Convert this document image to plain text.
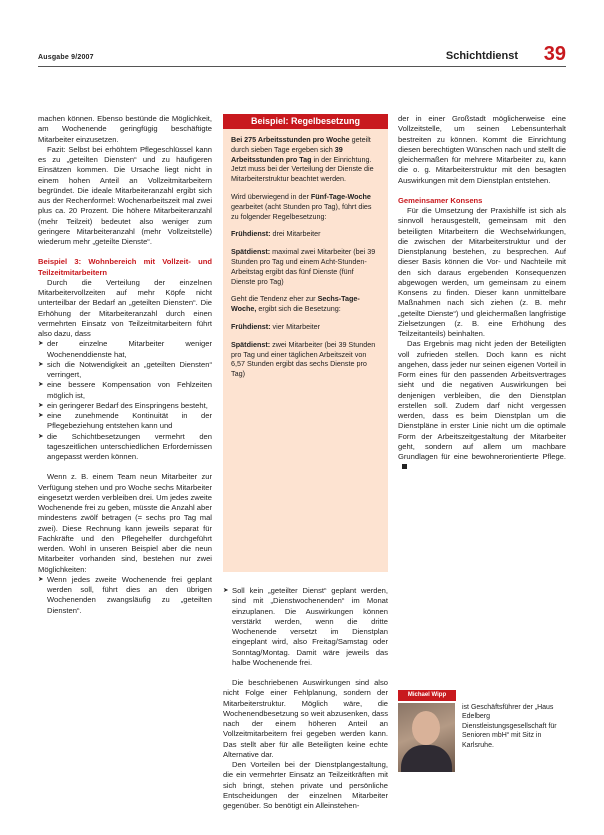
Ausgabe 9/2007	Schichtdienst 39

machen können. Ebenso bestünde die Möglichkeit, am Wochenende geringfügig beschäftigte Mitarbeiter einzusetzen.

Fazit: Selbst bei erhöhtem Pflegeschlüssel kann es zu „geteilten Diensten“ und zu häufigeren Einsätzen kommen. Die Ursache liegt nicht in einem hohen Anteil an Vollzeitmitarbeitern begründet. Die ideale Mitarbeiteranzahl ergibt sich aus der Rechenformel: Wochenarbeitszeit mal zwei plus ca. 20 Prozent. Die höhere Mitarbeiteranzahl (mehr Teilzeit) bedeutet also weniger zum geringere Mitarbeiteranzahl (mehr Vollzeitstelle) wiederum mehr „geteilte Dienste“.

Beispiel 3: Wohnbereich mit Vollzeit- und Teilzeitmitarbeitern

Durch die Verteilung der einzelnen Mitarbeitervollzeiten auf mehr Köpfe nicht unterteilbar der Bedarf an „geteilten Diensten“. Die Erhöhung der Mitarbeiteranzahl durch einen vermehrten Einsatz von Teilzeitmitarbeitern führt also dazu, dass

➤ der einzelne Mitarbeiter weniger Wochenenddienste hat,
➤ sich die Notwendigkeit an „geteilten Diensten“ verringert,
➤ eine bessere Kompensation von Fehlzeiten möglich ist,
➤ ein geringerer Bedarf des Einspringens besteht,
➤ eine zunehmende Kontinuität in der Pflegebeziehung entstehen kann und
➤ die Schichtbesetzungen vermehrt den tageszeitlichen unterschiedlichen Erfordernissen angepasst werden können.

Wenn z. B. einem Team neun Mitarbeiter zur Verfügung stehen und pro Woche sechs Mitarbeiter eingesetzt werden verbleiben drei. Um jedes zweite Wochenende frei zu geben, müsste die Anzahl aber mindestens zwölf betragen (= sechs pro Tag mal zwei). Diese Rechnung kann jeweils separat für Fachkräfte und den Pflegehelfer durchgeführt werden. Wohl in unseren Beispiel aber die neun Mitarbeiter vorhanden sind, bestehen nur zwei Möglichkeiten:

➤ Wenn jedes zweite Wochenende frei geplant werden soll, führt dies an den übrigen Wochenenden zwangsläufig zu „geteilten Diensten“.
Beispiel: Regelbesetzung

Bei 275 Arbeitsstunden pro Woche geteilt durch sieben Tage ergeben sich 39 Arbeitsstunden pro Tag in der Einrichtung. Jetzt muss bei der Verteilung der Dienste die Mitarbeiterstruktur beachtet werden.

Wird überwiegend in der Fünf-Tage-Woche gearbeitet (acht Stunden pro Tag), führt dies zu folgender Regelbesetzung:

Frühdienst: drei Mitarbeiter

Spätdienst: maximal zwei Mitarbeiter (bei 39 Stunden pro Tag und einem Acht-Stunden-Arbeitstag ergibt das fünf Dienste (fünf Dienste pro Tag)

Geht die Tendenz eher zur Sechs-Tage-Woche, ergibt sich die Besetzung:

Frühdienst: vier Mitarbeiter

Spätdienst: zwei Mitarbeiter (bei 39 Stunden pro Tag und einer täglichen Arbeitszeit von 6,57 Stunden ergibt das sechs Dienste pro Tag)

➤ Soll kein „geteilter Dienst“ geplant werden, sind mit „Dienstwochenenden“ im Monat einzuplanen. Die Auswirkungen können verstärkt werden, wenn die dritte Wochenende versetzt im Dienstplan eingeplant wird, also Freitag/Samstag oder Sonntag/Montag. Damit wäre jeweils das halbe Wochenende frei.

Die beschriebenen Auswirkungen sind also nicht Folge einer Fehlplanung, sondern der Mitarbeiterstruktur. Möglich wäre, die Wochenendbesetzung so weit abzusenken, dass nach der einem höheren Anteil an Vollzeitmitarbeitern frei gegeben werden kann. Das stellt aber für alle Beteiligten keine echte Alternative dar.

Den Vorteilen bei der Dienstplangestaltung, die ein vermehrter Einsatz an Teilzeitkräften mit sich bringt, stehen private und persönliche Entscheidungen der einzelnen Mitarbeiter gegenüber. So benötigt ein Alleinstehen-

der in einer Großstadt möglicherweise eine Vollzeitstelle, um seinen Lebensunterhalt bestreiten zu können. Kommt die Einrichtung diesen berechtigten Wünschen nach und stellt die gleichermaßen für mehrere Mitarbeiter zu, kann die o. g. Mitarbeiterstruktur mit den besagten Auswirkungen mit dem Dienstplan entstehen.

Gemeinsamer Konsens

Für die Umsetzung der Praxishilfe ist sich als sinnvoll herausgestellt, gemeinsam mit den beteiligten Mitarbeitern die Wechselwirkungen, die zwischen der Mitarbeiterstruktur und der Dienstplanung bestehen, zu besprechen. Auf dieser Basis können die Vor- und Nachteile mit den sich daraus ergebenden Konsequenzen abgewogen werden, um gemeinsam zu einem Konsens zu finden. Dieser kann unmittelbare Maßnahmen nach sich ziehen (z. B. mehr „geteilte Dienste“) und gleichermaßen langfristige Zielsetzungen (z. B. eine Erhöhung des Teilzeitanteils) beinhalten.

Das Ergebnis mag nicht jeden der Beteiligten voll zufrieden stellen. Doch kann es nicht angehen, dass jeder nur seinen eigenen Vorteil in Form eines für den passenden Arbeitsvertrages sieht und die negativen Auswirkungen bei denjenigen verbleiben, die den Dienstplan erstellen soll. Zudem darf nicht vergessen werden, dass es beim Dienstplan um die Dienstpläne in erster Linie nicht um die optimale Form der Arbeitszeitgestaltung der Mitarbeiter geht, sondern auf allem um machbare Grundlagen für eine bewohnerorientierte Pflege.

Michael Wipp
ist Geschäftsführer der „Haus Edelberg Dienstleistungsgesellschaft für Senioren mbH“ mit Sitz in Karlsruhe.
